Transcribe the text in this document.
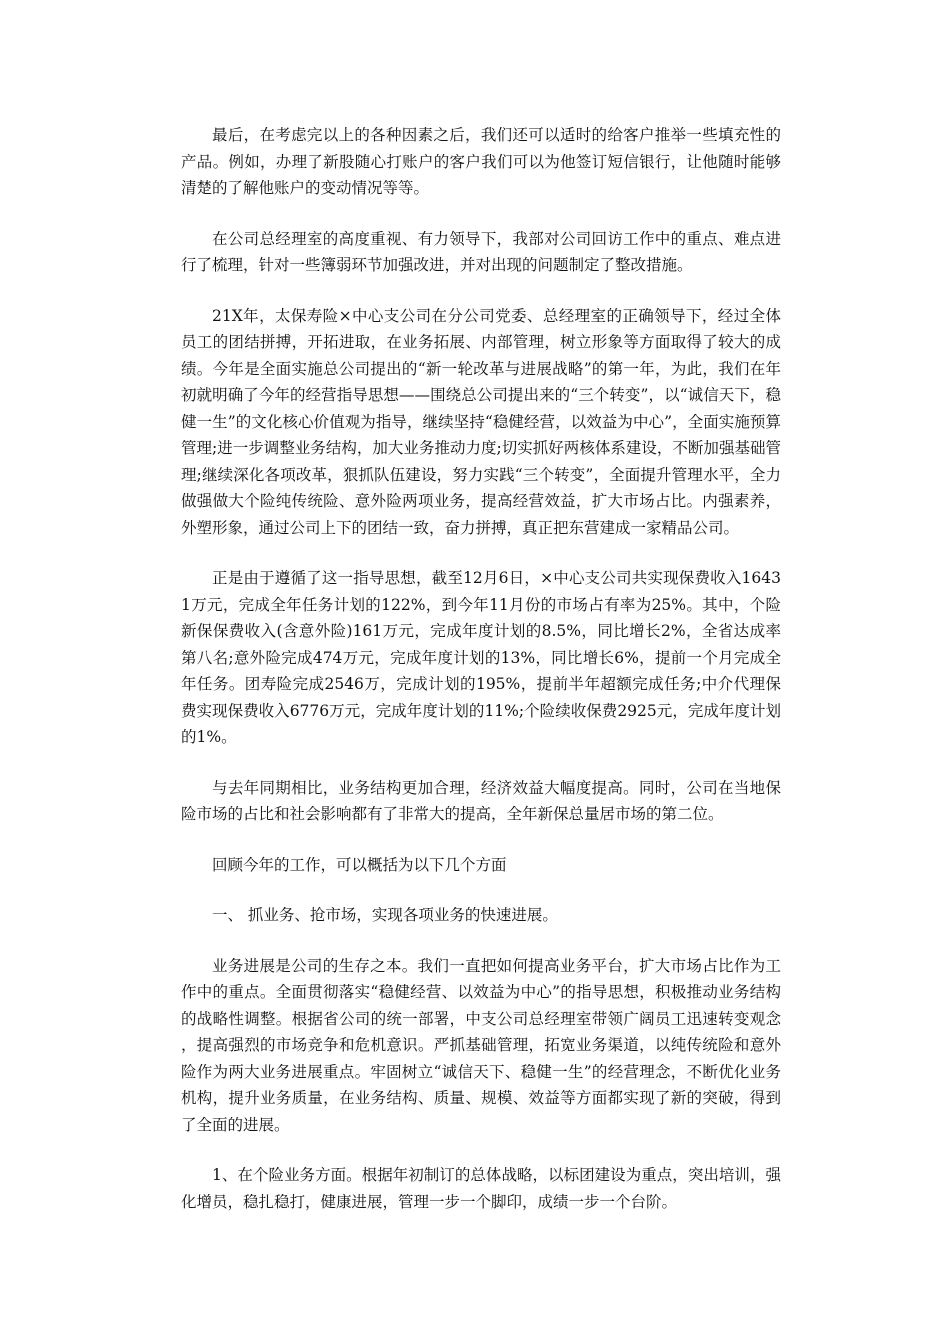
最后，在考虑完以上的各种因素之后，我们还可以适时的给客户推举一些填充性的产品。例如，办理了新股随心打账户的客户我们可以为他签订短信银行，让他随时能够清楚的了解他账户的变动情况等等。

在公司总经理室的高度重视、有力领导下，我部对公司回访工作中的重点、难点进行了梳理，针对一些簿弱环节加强改进，并对出现的问题制定了整改措施。

21X年，太保寿险×中心支公司在分公司党委、总经理室的正确领导下，经过全体员工的团结拼搏，开拓进取，在业务拓展、内部管理，树立形象等方面取得了较大的成绩。今年是全面实施总公司提出的“新一轮改革与进展战略”的第一年，为此，我们在年初就明确了今年的经营指导思想——围绕总公司提出来的“三个转变”，以“诚信天下，稳健一生”的文化核心价值观为指导，继续坚持“稳健经营，以效益为中心”，全面实施预算管理;进一步调整业务结构，加大业务推动力度;切实抓好两核体系建设，不断加强基础管理;继续深化各项改革，狠抓队伍建设，努力实践“三个转变”，全面提升管理水平，全力做强做大个险纯传统险、意外险两项业务，提高经营效益，扩大市场占比。内强素养，外塑形象，通过公司上下的团结一致，奋力拼搏，真正把东营建成一家精品公司。

正是由于遵循了这一指导思想，截至12月6日，×中心支公司共实现保费收入16431万元，完成全年任务计划的122%，到今年11月份的市场占有率为25%。其中，个险新保保费收入(含意外险)161万元，完成年度计划的8.5%，同比增长2%，全省达成率第八名;意外险完成474万元，完成年度计划的13%，同比增长6%，提前一个月完成全年任务。团寿险完成2546万，完成计划的195%，提前半年超额完成任务;中介代理保费实现保费收入6776万元，完成年度计划的11%;个险续收保费2925元，完成年度计划的1%。

与去年同期相比，业务结构更加合理，经济效益大幅度提高。同时，公司在当地保险市场的占比和社会影响都有了非常大的提高，全年新保总量居市场的第二位。

回顾今年的工作，可以概括为以下几个方面

一、 抓业务、抢市场，实现各项业务的快速进展。

业务进展是公司的生存之本。我们一直把如何提高业务平台，扩大市场占比作为工作中的重点。全面贯彻落实“稳健经营、以效益为中心”的指导思想，积极推动业务结构的战略性调整。根据省公司的统一部署，中支公司总经理室带领广阔员工迅速转变观念，提高强烈的市场竞争和危机意识。严抓基础管理，拓宽业务渠道，以纯传统险和意外险作为两大业务进展重点。牢固树立“诚信天下、稳健一生”的经营理念，不断优化业务机构，提升业务质量，在业务结构、质量、规模、效益等方面都实现了新的突破，得到了全面的进展。

1、在个险业务方面。根据年初制订的总体战略，以标团建设为重点，突出培训，强化增员，稳扎稳打，健康进展，管理一步一个脚印，成绩一步一个台阶。
